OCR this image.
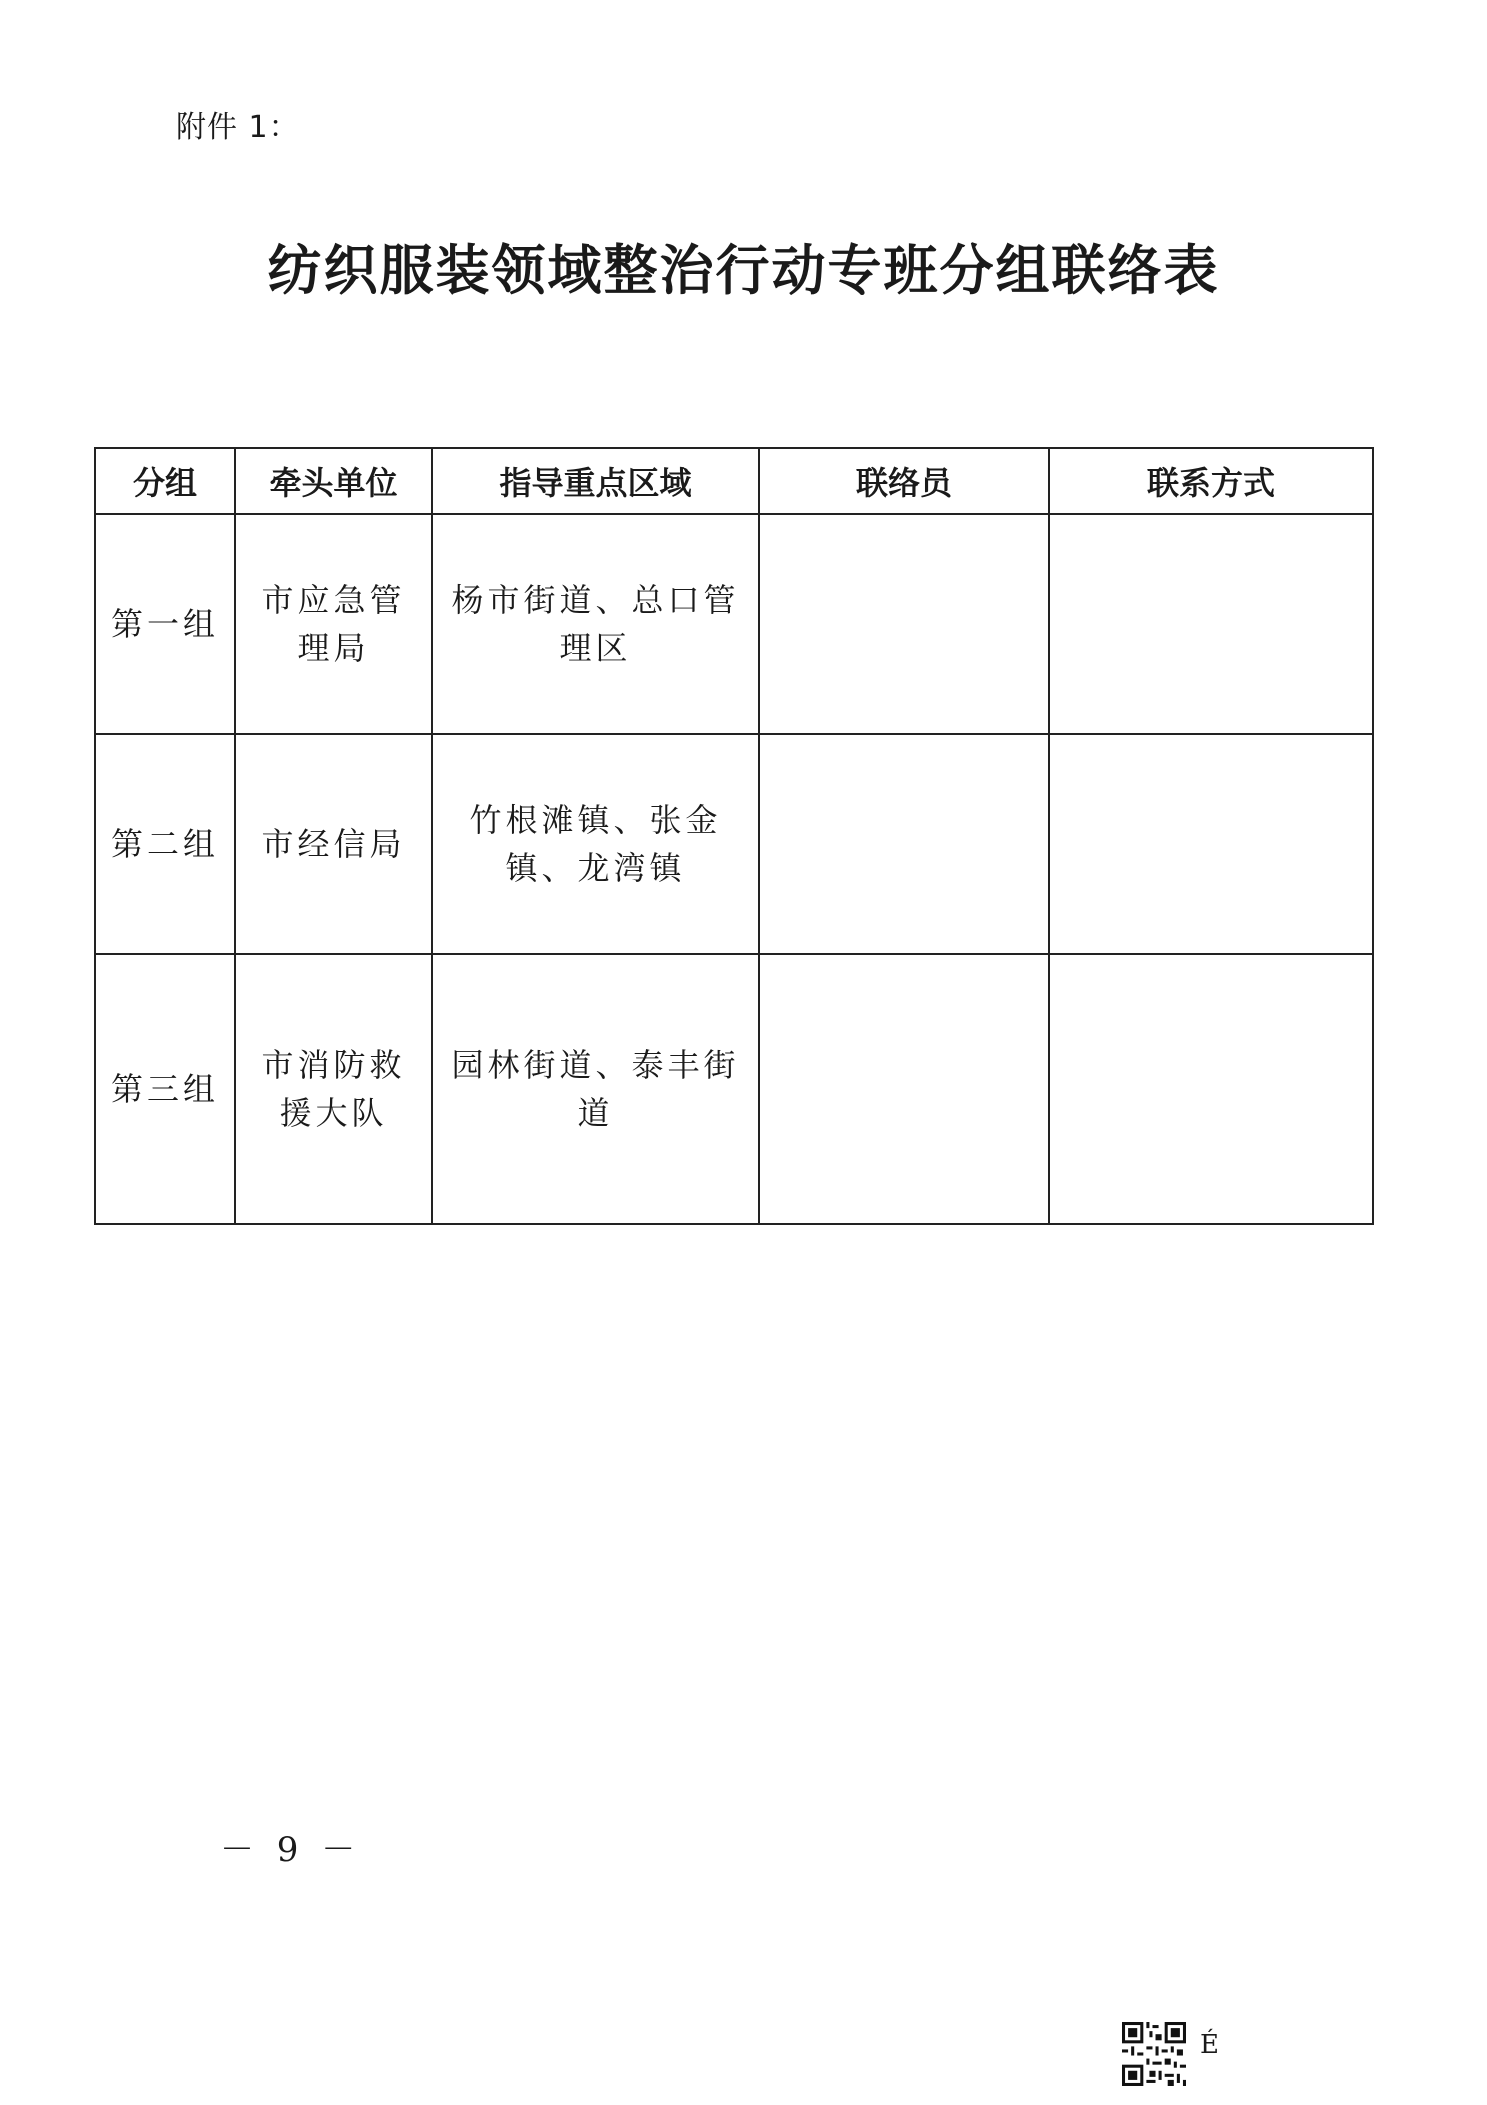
附件 1：
纺织服装领域整治行动专班分组联络表
分组	牵头单位	指导重点区域	联络员	联系方式
第一组	市应急管理局	杨市街道、总口管理区		
第二组	市经信局	竹根滩镇、张金镇、龙湾镇		
第三组	市消防救援大队	园林街道、泰丰街道		
－ 9 －
É
